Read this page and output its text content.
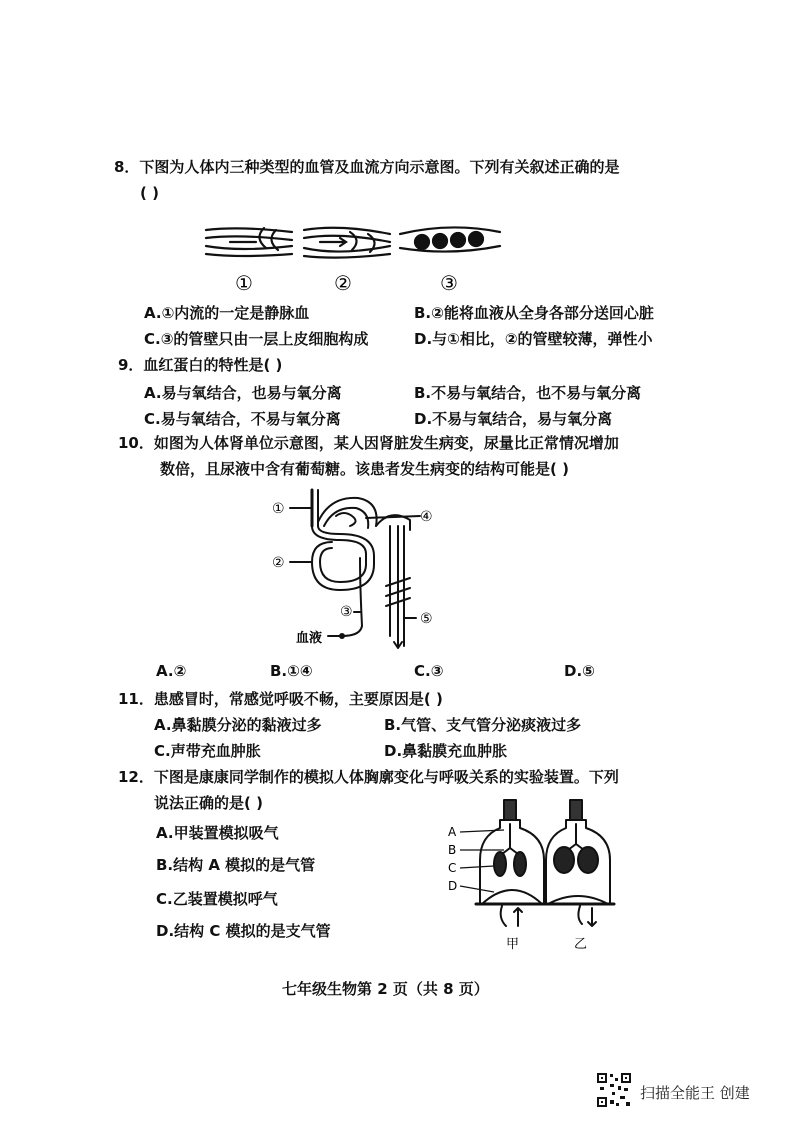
8．下图为人体内三种类型的血管及血流方向示意图。下列有关叙述正确的是
( )
①	②	③
A.①内流的一定是静脉血	B.②能将血液从全身各部分送回心脏
C.③的管壁只由一层上皮细胞构成	D.与①相比，②的管壁较薄，弹性小
9．血红蛋白的特性是( )
A.易与氧结合，也易与氧分离	B.不易与氧结合，也不易与氧分离
C.易与氧结合，不易与氧分离	D.不易与氧结合，易与氧分离
10．如图为人体肾单位示意图，某人因肾脏发生病变，尿量比正常情况增加
数倍，且尿液中含有葡萄糖。该患者发生病变的结构可能是( )
①
②
④
③	⑤
血液
A.②	B.①④	C.③	D.⑤
11．患感冒时，常感觉呼吸不畅，主要原因是( )
A.鼻黏膜分泌的黏液过多	B.气管、支气管分泌痰液过多
C.声带充血肿胀	D.鼻黏膜充血肿胀
12．下图是康康同学制作的模拟人体胸廓变化与呼吸关系的实验装置。下列
说法正确的是( )
A.甲装置模拟吸气
B.结构 A 模拟的是气管
C.乙装置模拟呼气
D.结构 C 模拟的是支气管
A
B
C
D
甲	乙
七年级生物第 2 页（共 8 页）
扫描全能王 创建
